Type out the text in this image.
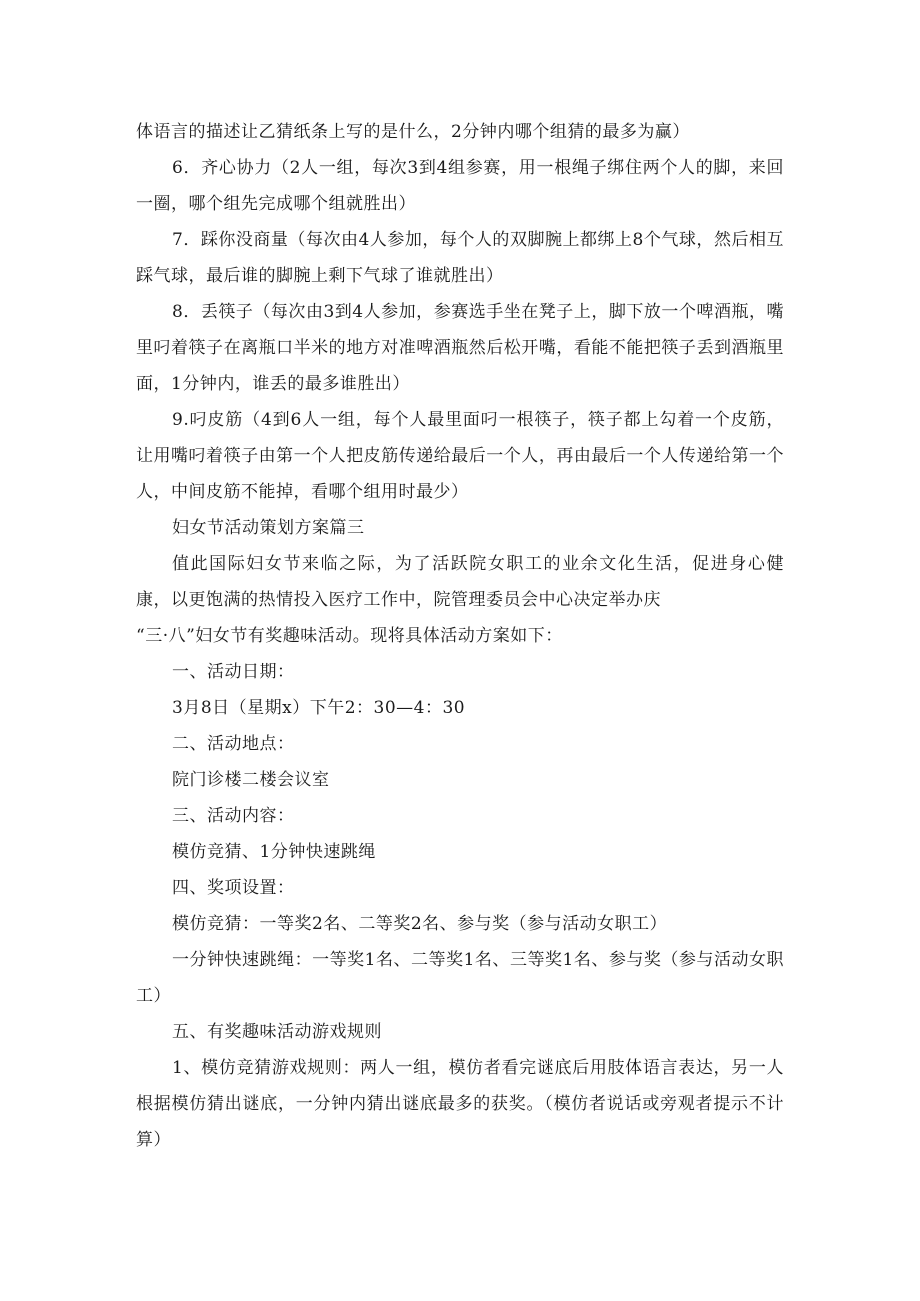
体语言的描述让乙猜纸条上写的是什么，2分钟内哪个组猜的最多为赢）

6．齐心协力（2人一组，每次3到4组参赛，用一根绳子绑住两个人的脚，来回一圈，哪个组先完成哪个组就胜出）

7．踩你没商量（每次由4人参加，每个人的双脚腕上都绑上8个气球，然后相互踩气球，最后谁的脚腕上剩下气球了谁就胜出）

8．丢筷子（每次由3到4人参加，参赛选手坐在凳子上，脚下放一个啤酒瓶，嘴里叼着筷子在离瓶口半米的地方对准啤酒瓶然后松开嘴，看能不能把筷子丢到酒瓶里面，1分钟内，谁丢的最多谁胜出）

9.叼皮筋（4到6人一组，每个人最里面叼一根筷子，筷子都上勾着一个皮筋，让用嘴叼着筷子由第一个人把皮筋传递给最后一个人，再由最后一个人传递给第一个人，中间皮筋不能掉，看哪个组用时最少）

妇女节活动策划方案篇三

值此国际妇女节来临之际，为了活跃院女职工的业余文化生活，促进身心健康，以更饱满的热情投入医疗工作中，院管理委员会中心决定举办庆

“三·八”妇女节有奖趣味活动。现将具体活动方案如下：

一、活动日期：

3月8日（星期x）下午2：30—4：30

二、活动地点：

院门诊楼二楼会议室

三、活动内容：

模仿竞猜、1分钟快速跳绳

四、奖项设置：

模仿竞猜：一等奖2名、二等奖2名、参与奖（参与活动女职工）

一分钟快速跳绳：一等奖1名、二等奖1名、三等奖1名、参与奖（参与活动女职工）

五、有奖趣味活动游戏规则

1、模仿竞猜游戏规则：两人一组，模仿者看完谜底后用肢体语言表达，另一人根据模仿猜出谜底，一分钟内猜出谜底最多的获奖。（模仿者说话或旁观者提示不计算）
